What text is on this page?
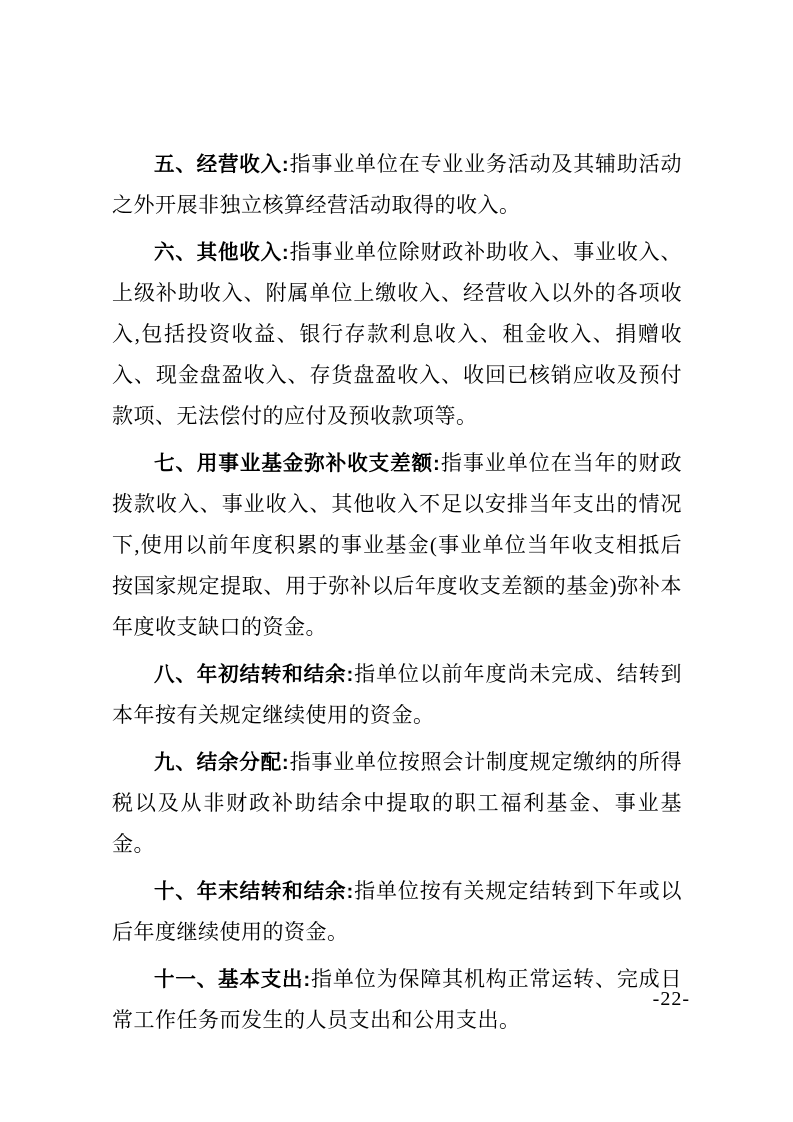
五、经营收入:指事业单位在专业业务活动及其辅助活动之外开展非独立核算经营活动取得的收入。

六、其他收入:指事业单位除财政补助收入、事业收入、上级补助收入、附属单位上缴收入、经营收入以外的各项收入,包括投资收益、银行存款利息收入、租金收入、捐赠收入、现金盘盈收入、存货盘盈收入、收回已核销应收及预付款项、无法偿付的应付及预收款项等。

七、用事业基金弥补收支差额:指事业单位在当年的财政拨款收入、事业收入、其他收入不足以安排当年支出的情况下,使用以前年度积累的事业基金(事业单位当年收支相抵后按国家规定提取、用于弥补以后年度收支差额的基金)弥补本年度收支缺口的资金。

八、年初结转和结余:指单位以前年度尚未完成、结转到本年按有关规定继续使用的资金。

九、结余分配:指事业单位按照会计制度规定缴纳的所得税以及从非财政补助结余中提取的职工福利基金、事业基金。

十、年末结转和结余:指单位按有关规定结转到下年或以后年度继续使用的资金。

十一、基本支出:指单位为保障其机构正常运转、完成日常工作任务而发生的人员支出和公用支出。

-22-
